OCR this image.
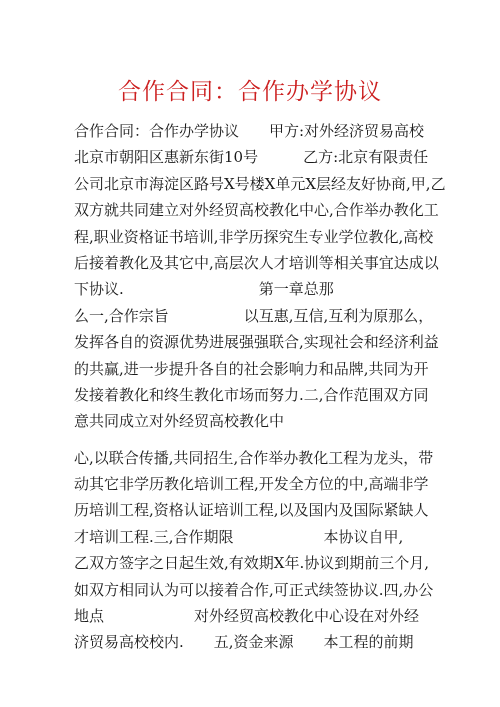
合作合同：合作办学协议
合作合同：合作办学协议　　甲方:对外经济贸易高校
北京市朝阳区惠新东街10号　　　乙方:北京有限责任
公司北京市海淀区路号X号楼X单元X层经友好协商,甲,乙
双方就共同建立对外经贸高校教化中心,合作举办教化工
程,职业资格证书培训,非学历探究生专业学位教化,高校
后接着教化及其它中,高层次人才培训等相关事宜达成以
下协议.　　　　　　　　　第一章总那
么一,合作宗旨　　　　　以互惠,互信,互利为原那么，
发挥各自的资源优势进展强强联合,实现社会和经济利益
的共赢,进一步提升各自的社会影响力和品牌,共同为开
发接着教化和终生教化市场而努力.二,合作范围双方同
意共同成立对外经贸高校教化中
心,以联合传播,共同招生,合作举办教化工程为龙头，带
动其它非学历教化培训工程,开发全方位的中,高端非学
历培训工程,资格认证培训工程,以及国内及国际紧缺人
才培训工程.三,合作期限　　　　　　本协议自甲,
乙双方签字之日起生效,有效期X年.协议到期前三个月,
如双方相同认为可以接着合作,可正式续签协议.四,办公
地点　　　　　　对外经贸高校教化中心设在对外经
济贸易高校校内.　　五,资金来源　　本工程的前期
